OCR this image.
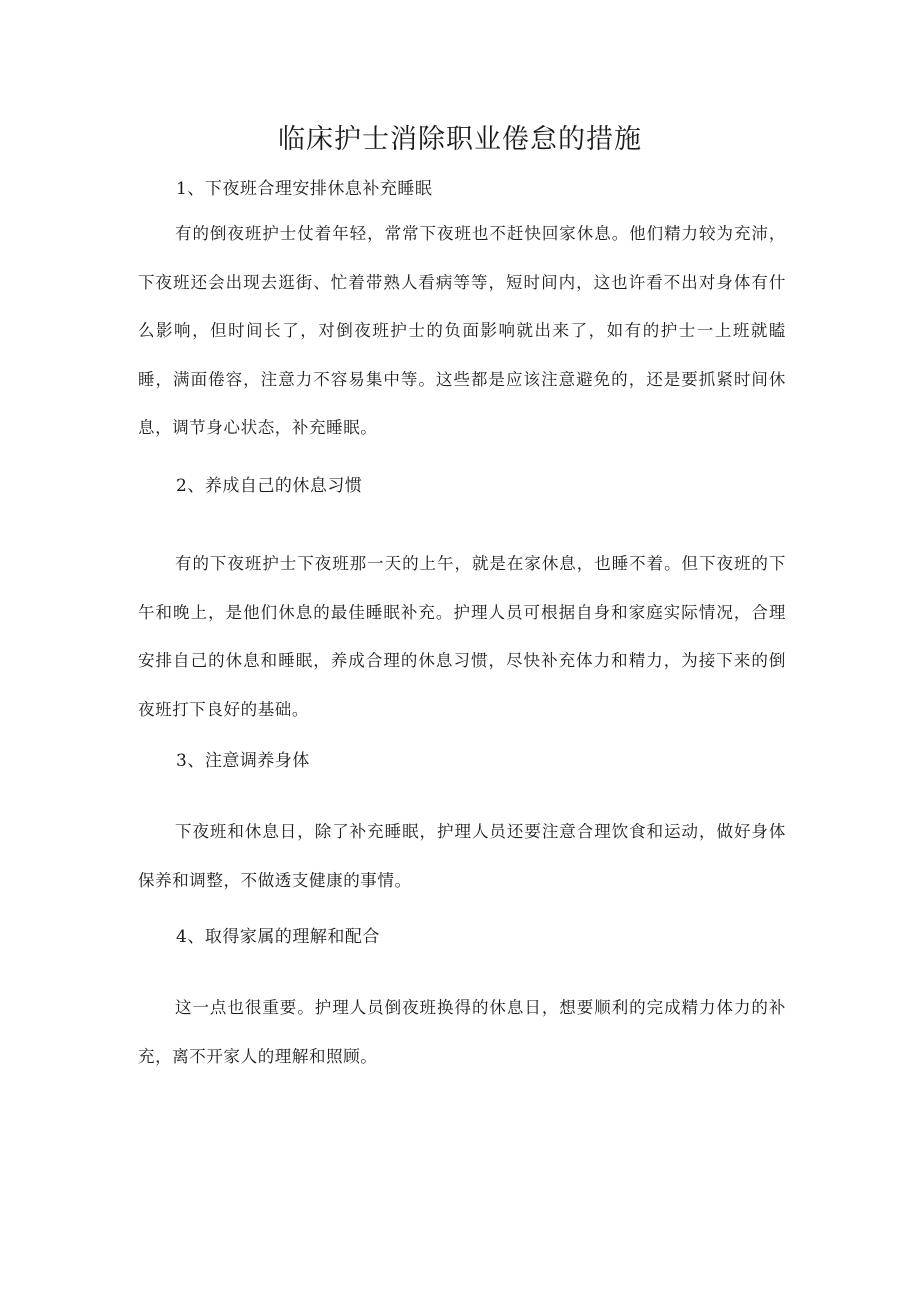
临床护士消除职业倦怠的措施
1、下夜班合理安排休息补充睡眠

有的倒夜班护士仗着年轻，常常下夜班也不赶快回家休息。他们精力较为充沛，下夜班还会出现去逛街、忙着带熟人看病等等，短时间内，这也许看不出对身体有什么影响，但时间长了，对倒夜班护士的负面影响就出来了，如有的护士一上班就瞌睡，满面倦容，注意力不容易集中等。这些都是应该注意避免的，还是要抓紧时间休息，调节身心状态，补充睡眠。

2、养成自己的休息习惯

有的下夜班护士下夜班那一天的上午，就是在家休息，也睡不着。但下夜班的下午和晚上，是他们休息的最佳睡眠补充。护理人员可根据自身和家庭实际情况，合理安排自己的休息和睡眠，养成合理的休息习惯，尽快补充体力和精力，为接下来的倒夜班打下良好的基础。

3、注意调养身体

下夜班和休息日，除了补充睡眠，护理人员还要注意合理饮食和运动，做好身体保养和调整，不做透支健康的事情。

4、取得家属的理解和配合

这一点也很重要。护理人员倒夜班换得的休息日，想要顺利的完成精力体力的补充，离不开家人的理解和照顾。
